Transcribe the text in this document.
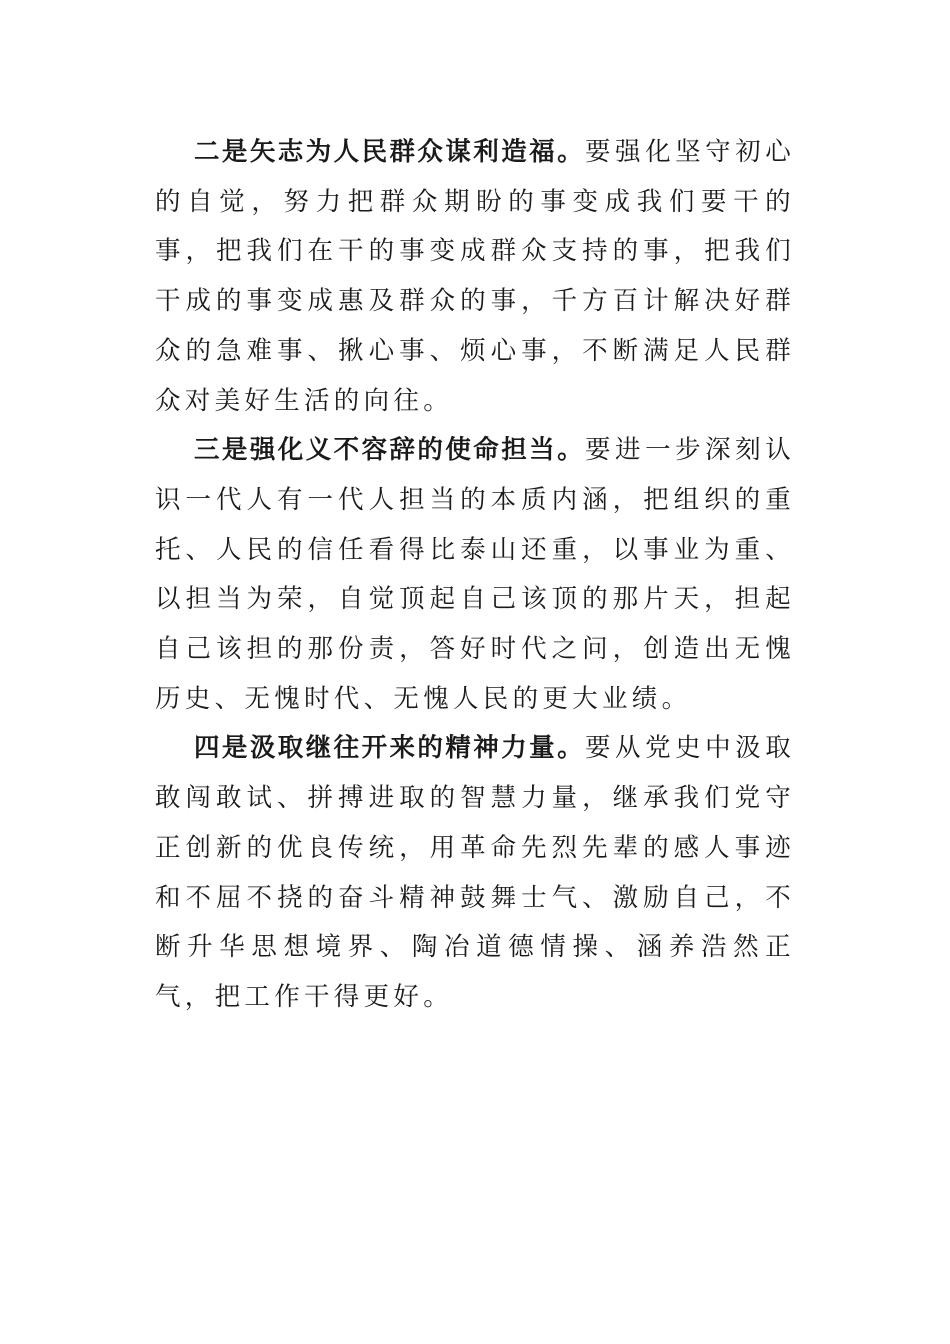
二是矢志为人民群众谋利造福。要强化坚守初心的自觉，努力把群众期盼的事变成我们要干的事，把我们在干的事变成群众支持的事，把我们干成的事变成惠及群众的事，千方百计解决好群众的急难事、揪心事、烦心事，不断满足人民群众对美好生活的向往。

三是强化义不容辞的使命担当。要进一步深刻认识一代人有一代人担当的本质内涵，把组织的重托、人民的信任看得比泰山还重，以事业为重、以担当为荣，自觉顶起自己该顶的那片天，担起自己该担的那份责，答好时代之问，创造出无愧历史、无愧时代、无愧人民的更大业绩。

四是汲取继往开来的精神力量。要从党史中汲取敢闯敢试、拼搏进取的智慧力量，继承我们党守正创新的优良传统，用革命先烈先辈的感人事迹和不屈不挠的奋斗精神鼓舞士气、激励自己，不断升华思想境界、陶冶道德情操、涵养浩然正气，把工作干得更好。
